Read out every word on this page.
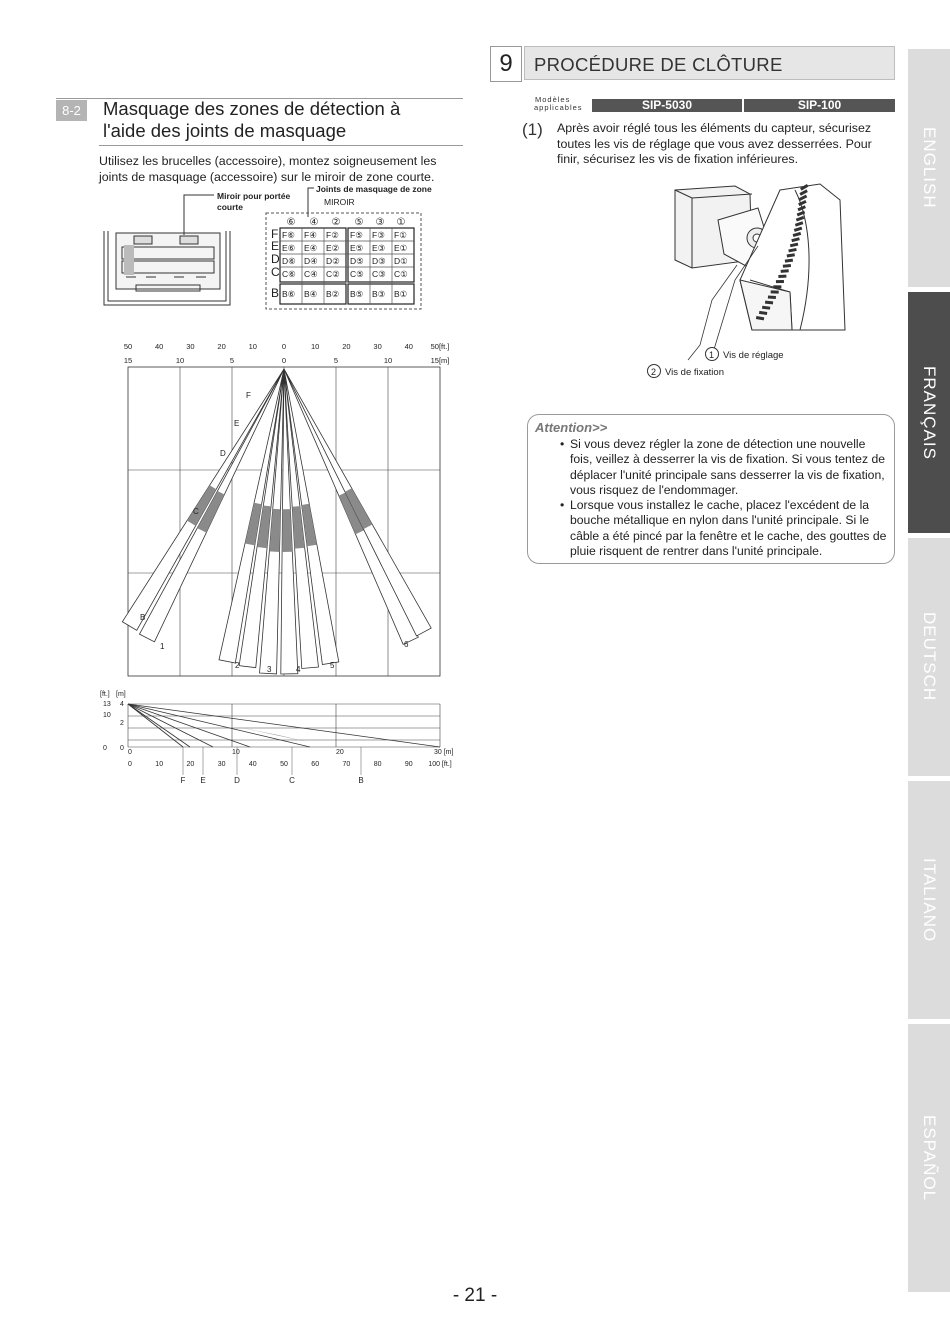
ENGLISH
FRANÇAIS
DEUTSCH
ITALIANO
ESPAÑOL
8-2	Masquage des zones de détection à
l'aide des joints de masquage
Utilisez les brucelles (accessoire), montez soigneusement les joints de masquage (accessoire) sur le miroir de zone courte.
Miroir pour portée
courte
Joints de masquage de zone
MIROIR
⑥ ④ ② ⑤ ③ ①
F
E
D
C
B
F⑥ F④ F② F⑤ F③ F①
E⑥ E④ E② E⑤ E③ E①
D⑥ D④ D② D⑤ D③ D①
C⑥ C④ C② C⑤ C③ C①
B⑥ B④ B② B⑤ B③ B①
50	40	30	20	10	0	10	20	30	40 50[ft.]
15	10	5	0	5	10	15[m]
F
E
D
C
B
1
2	3	4	5
6
[ft.] [m]
13
10
0
4
2
0
0	10	20	30 [m]
0	10	20	30	40	50	60	70	80	90 100 [ft.]
F E	D	C	B
9	PROCÉDURE DE CLÔTURE
Modèles
applicables	SIP-5030	SIP-100
(1) Après avoir réglé tous les éléments du capteur, sécurisez toutes les vis de réglage que vous avez desserrées. Pour finir, sécurisez les vis de fixation inférieures.
1 Vis de réglage
2 Vis de fixation
Attention>>
• Si vous devez régler la zone de détection une nouvelle fois, veillez à desserrer la vis de fixation. Si vous tentez de déplacer l'unité principale sans desserrer la vis de fixation, vous risquez de l'endommager.
• Lorsque vous installez le cache, placez l'excédent de la bouche métallique en nylon dans l'unité principale. Si le câble a été pincé par la fenêtre et le cache, des gouttes de pluie risquent de rentrer dans l'unité principale.
- 21 -
